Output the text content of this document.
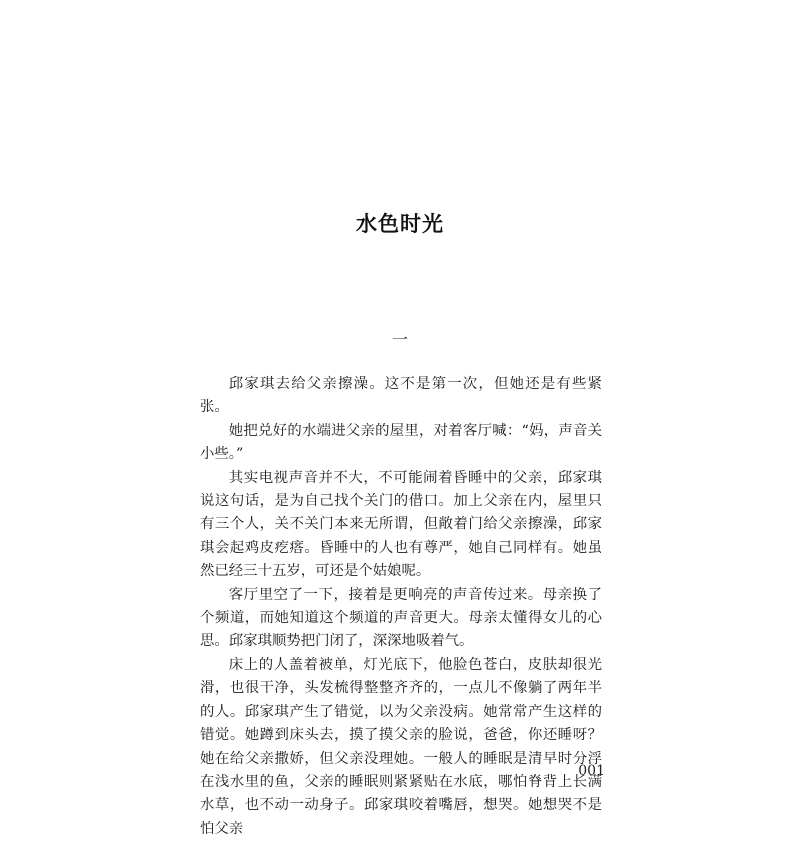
水色时光
一

邱家琪去给父亲擦澡。这不是第一次，但她还是有些紧张。

她把兑好的水端进父亲的屋里，对着客厅喊：“妈，声音关小些。”

其实电视声音并不大，不可能闹着昏睡中的父亲，邱家琪说这句话，是为自己找个关门的借口。加上父亲在内，屋里只有三个人，关不关门本来无所谓，但敞着门给父亲擦澡，邱家琪会起鸡皮疙瘩。昏睡中的人也有尊严，她自己同样有。她虽然已经三十五岁，可还是个姑娘呢。

客厅里空了一下，接着是更响亮的声音传过来。母亲换了个频道，而她知道这个频道的声音更大。母亲太懂得女儿的心思。邱家琪顺势把门闭了，深深地吸着气。

床上的人盖着被单，灯光底下，他脸色苍白，皮肤却很光滑，也很干净，头发梳得整整齐齐的，一点儿不像躺了两年半的人。邱家琪产生了错觉，以为父亲没病。她常常产生这样的错觉。她蹲到床头去，摸了摸父亲的脸说，爸爸，你还睡呀？她在给父亲撒娇，但父亲没理她。一般人的睡眠是清早时分浮在浅水里的鱼，父亲的睡眠则紧紧贴在水底，哪怕脊背上长满水草，也不动一动身子。邱家琪咬着嘴唇，想哭。她想哭不是怕父亲

001
